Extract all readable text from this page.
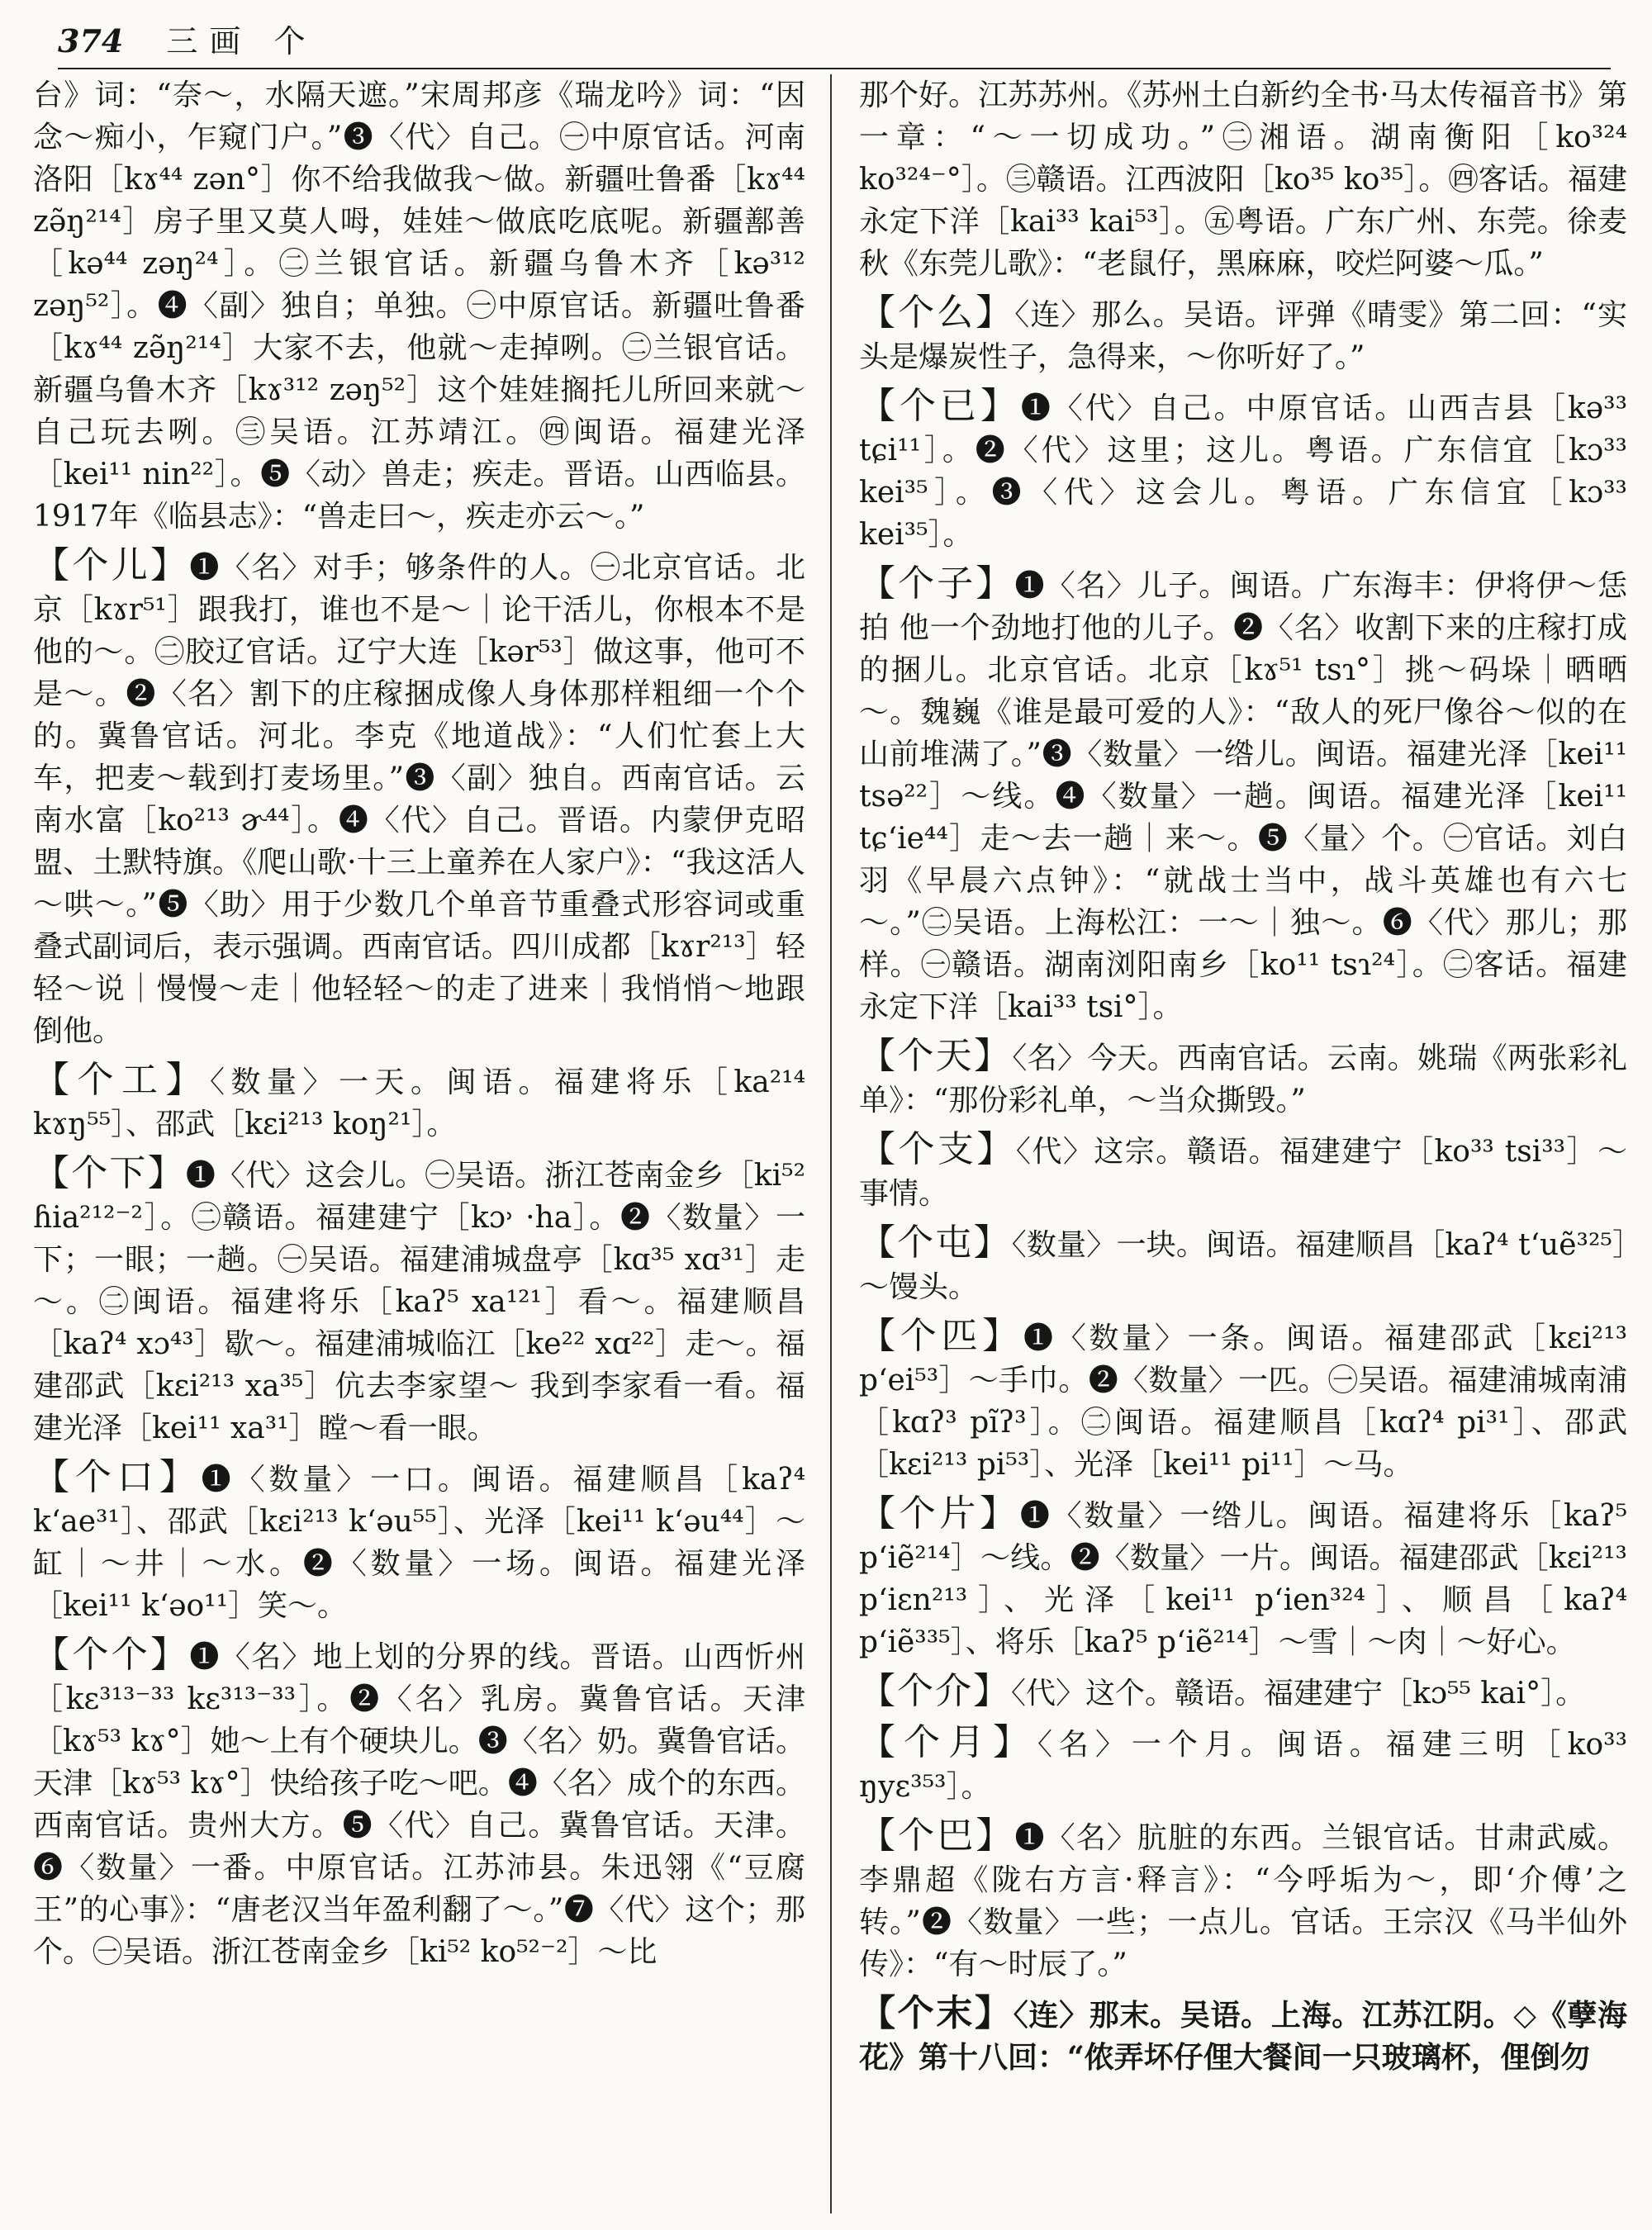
374 三画 个

台》词：“奈～，水隔天遮。”宋周邦彦《瑞龙吟》词：“因念～痴小，乍窥门户。”❸〈代〉自己。㊀中原官话。河南洛阳［kɤ⁴⁴ zən°］你不给我做我～做。新疆吐鲁番［kɤ⁴⁴ zə̃ŋ²¹⁴］房子里又莫人呣，娃娃～做底吃底呢。新疆鄯善［kə⁴⁴ zəŋ²⁴］。㊁兰银官话。新疆乌鲁木齐［kə³¹² zəŋ⁵²］。❹〈副〉独自；单独。㊀中原官话。新疆吐鲁番［kɤ⁴⁴ zə̃ŋ²¹⁴］大家不去，他就～走掉咧。㊁兰银官话。新疆乌鲁木齐［kɤ³¹² zəŋ⁵²］这个娃娃搁托儿所回来就～自己玩去咧。㊂吴语。江苏靖江。㊃闽语。福建光泽［kei¹¹ nin²²］。❺〈动〉兽走；疾走。晋语。山西临县。1917年《临县志》：“兽走曰～，疾走亦云～。”

【个儿】❶〈名〉对手；够条件的人。㊀北京官话。北京［kɤr⁵¹］跟我打，谁也不是～｜论干活儿，你根本不是他的～。㊁胶辽官话。辽宁大连［kər⁵³］做这事，他可不是～。❷〈名〉割下的庄稼捆成像人身体那样粗细一个个的。冀鲁官话。河北。李克《地道战》：“人们忙套上大车，把麦～载到打麦场里。”❸〈副〉独自。西南官话。云南水富［ko²¹³ ɚ⁴⁴］。❹〈代〉自己。晋语。内蒙伊克昭盟、土默特旗。《爬山歌·十三上童养在人家户》：“我这活人～哄～。”❺〈助〉用于少数几个单音节重叠式形容词或重叠式副词后，表示强调。西南官话。四川成都［kɤr²¹³］轻轻～说｜慢慢～走｜他轻轻～的走了进来｜我悄悄～地跟倒他。

【个工】〈数量〉一天。闽语。福建将乐［ka²¹⁴ kɤŋ⁵⁵］、邵武［kɛi²¹³ koŋ²¹］。

【个下】❶〈代〉这会儿。㊀吴语。浙江苍南金乡［ki⁵² ɦia²¹²⁻²］。㊁赣语。福建建宁［kɔ˒ ·ha］。❷〈数量〉一下；一眼；一趟。㊀吴语。福建浦城盘亭［kɑ³⁵ xɑ³¹］走～。㊁闽语。福建将乐［kaʔ⁵ xa¹²¹］看～。福建顺昌［kaʔ⁴ xɔ⁴³］歇～。福建浦城临江［ke²² xɑ²²］走～。福建邵武［kɛi²¹³ xa³⁵］伉去李家望～ 我到李家看一看。福建光泽［kei¹¹ xa³¹］瞠～看一眼。

【个口】❶〈数量〉一口。闽语。福建顺昌［kaʔ⁴ k‘ae³¹］、邵武［kɛi²¹³ k‘əu⁵⁵］、光泽［kei¹¹ k‘əu⁴⁴］～缸｜～井｜～水。❷〈数量〉一场。闽语。福建光泽［kei¹¹ k‘əo¹¹］笑～。

【个个】❶〈名〉地上划的分界的线。晋语。山西忻州［kɛ³¹³⁻³³ kɛ³¹³⁻³³］。❷〈名〉乳房。冀鲁官话。天津［kɤ⁵³ kɤ°］她～上有个硬块儿。❸〈名〉奶。冀鲁官话。天津［kɤ⁵³ kɤ°］快给孩子吃～吧。❹〈名〉成个的东西。西南官话。贵州大方。❺〈代〉自己。冀鲁官话。天津。❻〈数量〉一番。中原官话。江苏沛县。朱迅翎《“豆腐王”的心事》：“唐老汉当年盈利翻了～。”❼〈代〉这个；那个。㊀吴语。浙江苍南金乡［ki⁵² ko⁵²⁻²］～比

那个好。江苏苏州。《苏州土白新约全书·马太传福音书》第一章：“～一切成功。”㊁湘语。湖南衡阳［ko³²⁴ ko³²⁴⁻°］。㊂赣语。江西波阳［ko³⁵ ko³⁵］。㊃客话。福建永定下洋［kai³³ kai⁵³］。㊄粤语。广东广州、东莞。徐麦秋《东莞儿歌》：“老鼠仔，黑麻麻，咬烂阿婆～瓜。”

【个么】〈连〉那么。吴语。评弹《晴雯》第二回：“实头是爆炭性子，急得来，～你听好了。”

【个已】❶〈代〉自己。中原官话。山西吉县［kə³³ tɕi¹¹］。❷〈代〉这里；这儿。粤语。广东信宜［kɔ³³ kei³⁵］。❸〈代〉这会儿。粤语。广东信宜［kɔ³³ kei³⁵］。

【个子】❶〈名〉儿子。闽语。广东海丰：伊将伊～恁拍 他一个劲地打他的儿子。❷〈名〉收割下来的庄稼打成的捆儿。北京官话。北京［kɤ⁵¹ tsɿ°］挑～码垛｜晒晒～。魏巍《谁是最可爱的人》：“敌人的死尸像谷～似的在山前堆满了。”❸〈数量〉一绺儿。闽语。福建光泽［kei¹¹ tsə²²］～线。❹〈数量〉一趟。闽语。福建光泽［kei¹¹ tɕ‘ie⁴⁴］走～去一趟｜来～。❺〈量〉个。㊀官话。刘白羽《早晨六点钟》：“就战士当中，战斗英雄也有六七～。”㊁吴语。上海松江：一～｜独～。❻〈代〉那儿；那样。㊀赣语。湖南浏阳南乡［ko¹¹ tsɿ²⁴］。㊁客话。福建永定下洋［kai³³ tsi°］。

【个天】〈名〉今天。西南官话。云南。姚瑞《两张彩礼单》：“那份彩礼单，～当众撕毁。”

【个支】〈代〉这宗。赣语。福建建宁［ko³³ tsi³³］～事情。

【个屯】〈数量〉一块。闽语。福建顺昌［kaʔ⁴ t‘uẽ³²⁵］～馒头。

【个匹】❶〈数量〉一条。闽语。福建邵武［kɛi²¹³ p‘ei⁵³］～手巾。❷〈数量〉一匹。㊀吴语。福建浦城南浦［kɑʔ³ pĩʔ³］。㊁闽语。福建顺昌［kɑʔ⁴ pi³¹］、邵武［kɛi²¹³ pi⁵³］、光泽［kei¹¹ pi¹¹］～马。

【个片】❶〈数量〉一绺儿。闽语。福建将乐［kaʔ⁵ p‘iẽ²¹⁴］～线。❷〈数量〉一片。闽语。福建邵武［kɛi²¹³ p‘iɛn²¹³］、光泽［kei¹¹ p‘ien³²⁴］、顺昌［kaʔ⁴ p‘iẽ³³⁵］、将乐［kaʔ⁵ p‘iẽ²¹⁴］～雪｜～肉｜～好心。

【个介】〈代〉这个。赣语。福建建宁［kɔ⁵⁵ kai°］。

【个月】〈名〉一个月。闽语。福建三明［ko³³ ŋyɛ³⁵³］。

【个巴】❶〈名〉肮脏的东西。兰银官话。甘肃武威。李鼎超《陇右方言·释言》：“今呼垢为～，即‘介傅’之转。”❷〈数量〉一些；一点儿。官话。王宗汉《马半仙外传》：“有～时辰了。”

【个末】〈连〉那末。吴语。上海。江苏江阴。◇《孽海花》第十八回：“侬弄坏仔俚大餐间一只玻璃杯，俚倒勿
